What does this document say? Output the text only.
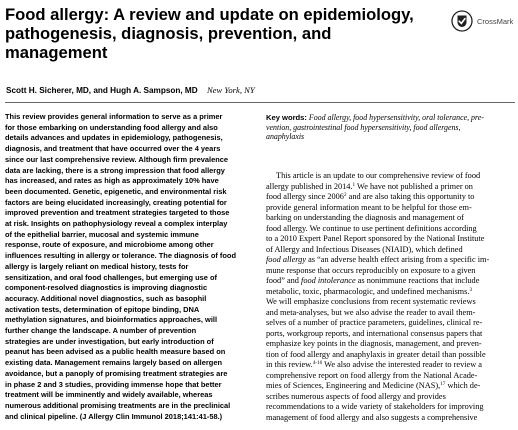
Food allergy: A review and update on epidemiology,
pathogenesis, diagnosis, prevention, and
management
CrossMark
Scott H. Sicherer, MD, and Hugh A. Sampson, MD New York, NY
This review provides general information to serve as a primer
for those embarking on understanding food allergy and also
details advances and updates in epidemiology, pathogenesis,
diagnosis, and treatment that have occurred over the 4 years
since our last comprehensive review. Although firm prevalence
data are lacking, there is a strong impression that food allergy
has increased, and rates as high as approximately 10% have
been documented. Genetic, epigenetic, and environmental risk
factors are being elucidated increasingly, creating potential for
improved prevention and treatment strategies targeted to those
at risk. Insights on pathophysiology reveal a complex interplay
of the epithelial barrier, mucosal and systemic immune
response, route of exposure, and microbiome among other
influences resulting in allergy or tolerance. The diagnosis of food
allergy is largely reliant on medical history, tests for
sensitization, and oral food challenges, but emerging use of
component-resolved diagnostics is improving diagnostic
accuracy. Additional novel diagnostics, such as basophil
activation tests, determination of epitope binding, DNA
methylation signatures, and bioinformatics approaches, will
further change the landscape. A number of prevention
strategies are under investigation, but early introduction of
peanut has been advised as a public health measure based on
existing data. Management remains largely based on allergen
avoidance, but a panoply of promising treatment strategies are
in phase 2 and 3 studies, providing immense hope that better
treatment will be imminently and widely available, whereas
numerous additional promising treatments are in the preclinical
and clinical pipeline. (J Allergy Clin Immunol 2018;141:41-58.)
Key words: Food allergy, food hypersensitivity, oral tolerance, pre-
vention, gastrointestinal food hypersensitivity, food allergens,
anaphylaxis
This article is an update to our comprehensive review of food
allergy published in 2014.$^1$ We have not published a primer on
food allergy since 2006$^2$ and are also taking this opportunity to
provide general information meant to be helpful for those em-
barking on understanding the diagnosis and management of
food allergy. We continue to use pertinent definitions according
to a 2010 Expert Panel Report sponsored by the National Institute
of Allergy and Infectious Diseases (NIAID), which defined
food allergy as “an adverse health effect arising from a specific im-
mune response that occurs reproducibly on exposure to a given
food” and food intolerance as nonimmune reactions that include
metabolic, toxic, pharmacologic, and undefined mechanisms.$^3$
We will emphasize conclusions from recent systematic reviews
and meta-analyses, but we also advise the reader to avail them-
selves of a number of practice parameters, guidelines, clinical re-
ports, workgroup reports, and international consensus papers that
emphasize key points in the diagnosis, management, and preven-
tion of food allergy and anaphylaxis in greater detail than possible
in this review.$^{4-16}$ We also advise the interested reader to review a
comprehensive report on food allergy from the National Acade-
mies of Sciences, Engineering and Medicine (NAS),$^{17}$ which de-
scribes numerous aspects of food allergy and provides
recommendations to a wide variety of stakeholders for improving
management of food allergy and also suggests a comprehensive
